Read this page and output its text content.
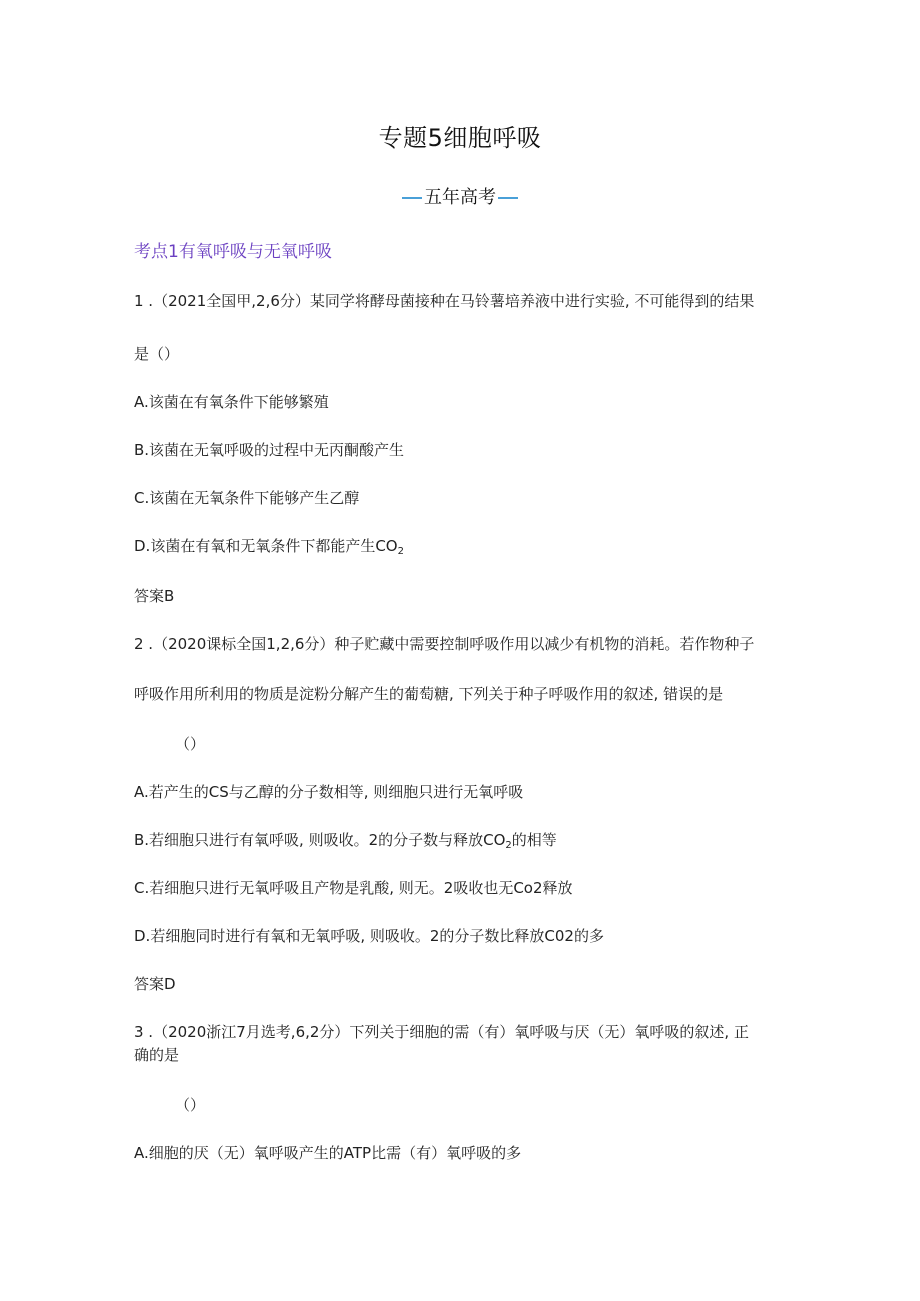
专题5细胞呼吸
五年高考
考点1有氧呼吸与无氧呼吸
1 .（2021全国甲,2,6分）某同学将酵母菌接种在马铃薯培养液中进行实验, 不可能得到的结果
是（）
A.该菌在有氧条件下能够繁殖
B.该菌在无氧呼吸的过程中无丙酮酸产生
C.该菌在无氧条件下能够产生乙醇
D.该菌在有氧和无氧条件下都能产生$CO_2$
答案B
2 .（2020课标全国1,2,6分）种子贮藏中需要控制呼吸作用以减少有机物的消耗。若作物种子
呼吸作用所利用的物质是淀粉分解产生的葡萄糖, 下列关于种子呼吸作用的叙述, 错误的是
（）
A.若产生的CS与乙醇的分子数相等, 则细胞只进行无氧呼吸
B.若细胞只进行有氧呼吸, 则吸收。2的分子数与释放$CO_2$的相等
C.若细胞只进行无氧呼吸且产物是乳酸, 则无。2吸收也无Co2释放
D.若细胞同时进行有氧和无氧呼吸, 则吸收。2的分子数比释放C02的多
答案D
3 .（2020浙江7月选考,6,2分）下列关于细胞的需（有）氧呼吸与厌（无）氧呼吸的叙述, 正
确的是
（）
A.细胞的厌（无）氧呼吸产生的ATP比需（有）氧呼吸的多
